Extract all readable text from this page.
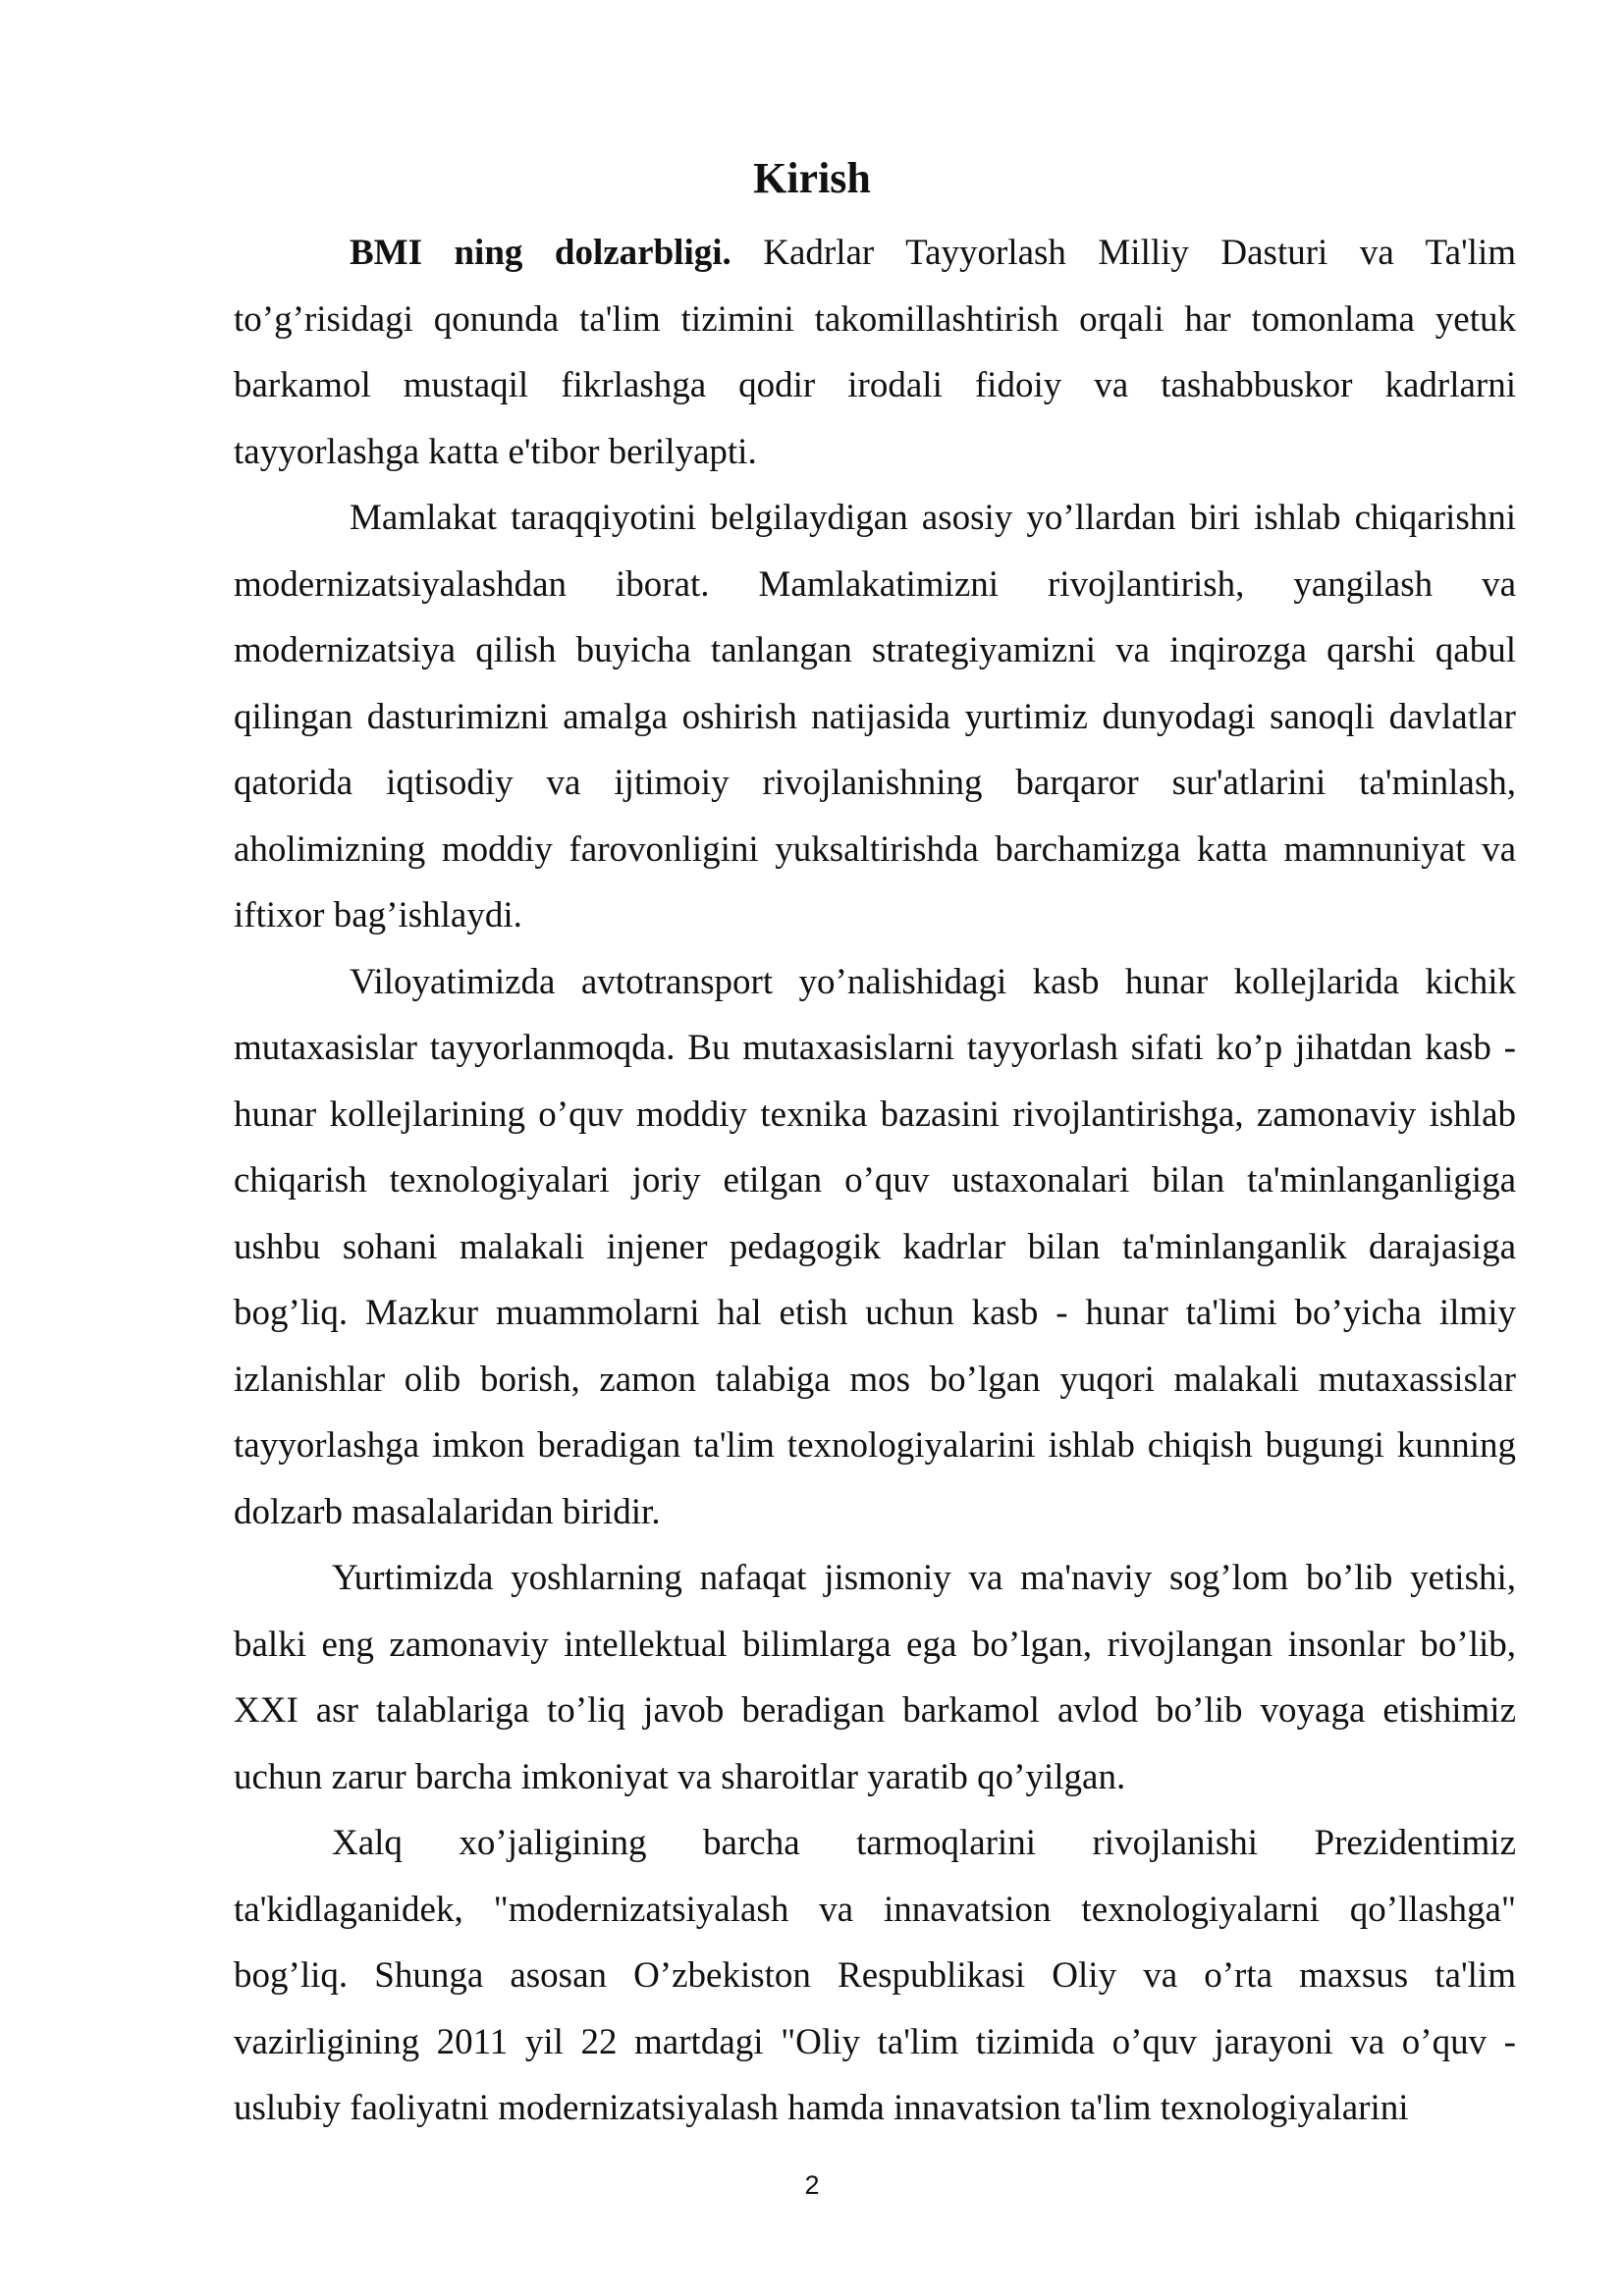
Kirish

BMI ning dolzarbligi. Kadrlar Tayyorlash Milliy Dasturi va Ta'lim to’g’risidagi qonunda ta'lim tizimini takomillashtirish orqali har tomonlama yetuk barkamol mustaqil fikrlashga qodir irodali fidoiy va tashabbuskor kadrlarni tayyorlashga katta e'tibor berilyapti.

Mamlakat taraqqiyotini belgilaydigan asosiy yo’llardan biri ishlab chiqarishni modernizatsiyalashdan iborat. Mamlakatimizni rivojlantirish, yangilash va modernizatsiya qilish buyicha tanlangan strategiyamizni va inqirozga qarshi qabul qilingan dasturimizni amalga oshirish natijasida yurtimiz dunyodagi sanoqli davlatlar qatorida iqtisodiy va ijtimoiy rivojlanishning barqaror sur'atlarini ta'minlash, aholimizning moddiy farovonligini yuksaltirishda barchamizga katta mamnuniyat va iftixor bag’ishlaydi.

Viloyatimizda avtotransport yo’nalishidagi kasb hunar kollejlarida kichik mutaxasislar tayyorlanmoqda. Bu mutaxasislarni tayyorlash sifati ko’p jihatdan kasb - hunar kollejlarining o’quv moddiy texnika bazasini rivojlantirishga, zamonaviy ishlab chiqarish texnologiyalari joriy etilgan o’quv ustaxonalari bilan ta'minlanganligiga ushbu sohani malakali injener pedagogik kadrlar bilan ta'minlanganlik darajasiga bog’liq. Mazkur muammolarni hal etish uchun kasb - hunar ta'limi bo’yicha ilmiy izlanishlar olib borish, zamon talabiga mos bo’lgan yuqori malakali mutaxassislar tayyorlashga imkon beradigan ta'lim texnologiyalarini ishlab chiqish bugungi kunning dolzarb masalalaridan biridir.

Yurtimizda yoshlarning nafaqat jismoniy va ma'naviy sog’lom bo’lib yetishi, balki eng zamonaviy intellektual bilimlarga ega bo’lgan, rivojlangan insonlar bo’lib, XXI asr talablariga to’liq javob beradigan barkamol avlod bo’lib voyaga etishimiz uchun zarur barcha imkoniyat va sharoitlar yaratib qo’yilgan.

Xalq xo’jaligining barcha tarmoqlarini rivojlanishi Prezidentimiz ta'kidlaganidek, "modernizatsiyalash va innavatsion texnologiyalarni qo’llashga" bog’liq. Shunga asosan O’zbekiston Respublikasi Oliy va o’rta maxsus ta'lim vazirligining 2011 yil 22 martdagi "Oliy ta'lim tizimida o’quv jarayoni va o’quv - uslubiy faoliyatni modernizatsiyalash hamda innavatsion ta'lim texnologiyalarini

2
